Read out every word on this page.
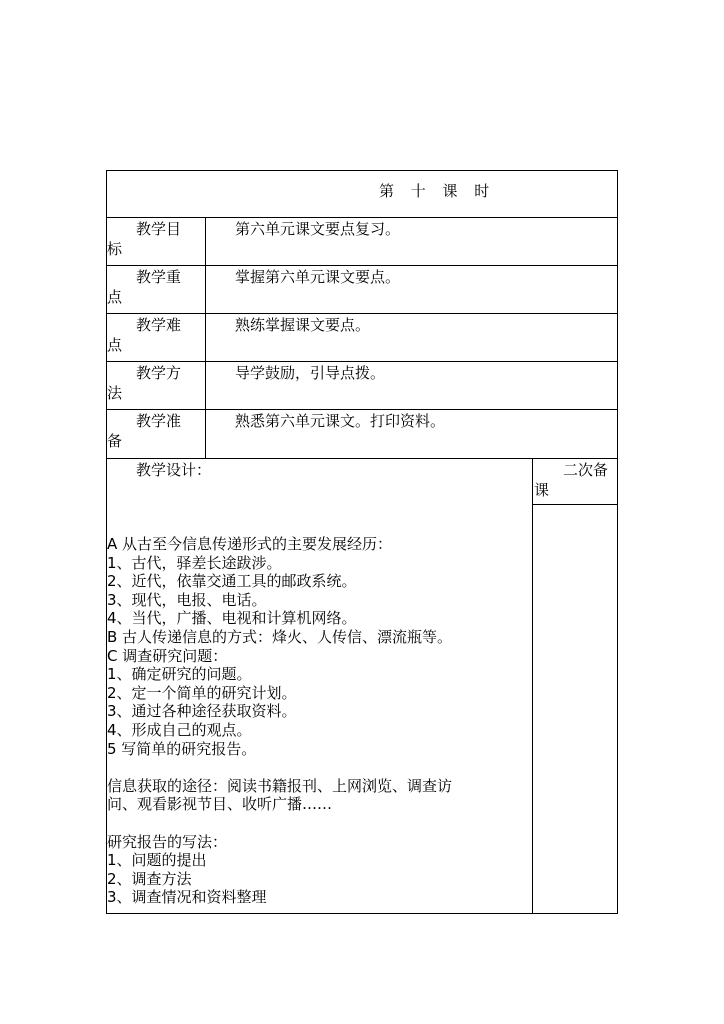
第 十 课 时
教学目
标
第六单元课文要点复习。
教学重
点
掌握第六单元课文要点。
教学难
点
熟练掌握课文要点。
教学方
法
导学鼓励，引导点拨。
教学准
备
熟悉第六单元课文。打印资料。
教学设计：	二次备
课
A 从古至今信息传递形式的主要发展经历：
1、古代，驿差长途跋涉。
2、近代，依靠交通工具的邮政系统。
3、现代，电报、电话。
4、当代，广播、电视和计算机网络。
B 古人传递信息的方式：烽火、人传信、漂流瓶等。
C 调查研究问题：
1、确定研究的问题。
2、定一个简单的研究计划。
3、通过各种途径获取资料。
4、形成自己的观点。
5 写简单的研究报告。
信息获取的途径：阅读书籍报刊、上网浏览、调查访
问、观看影视节目、收听广播……
研究报告的写法：
1、问题的提出
2、调查方法
3、调查情况和资料整理
